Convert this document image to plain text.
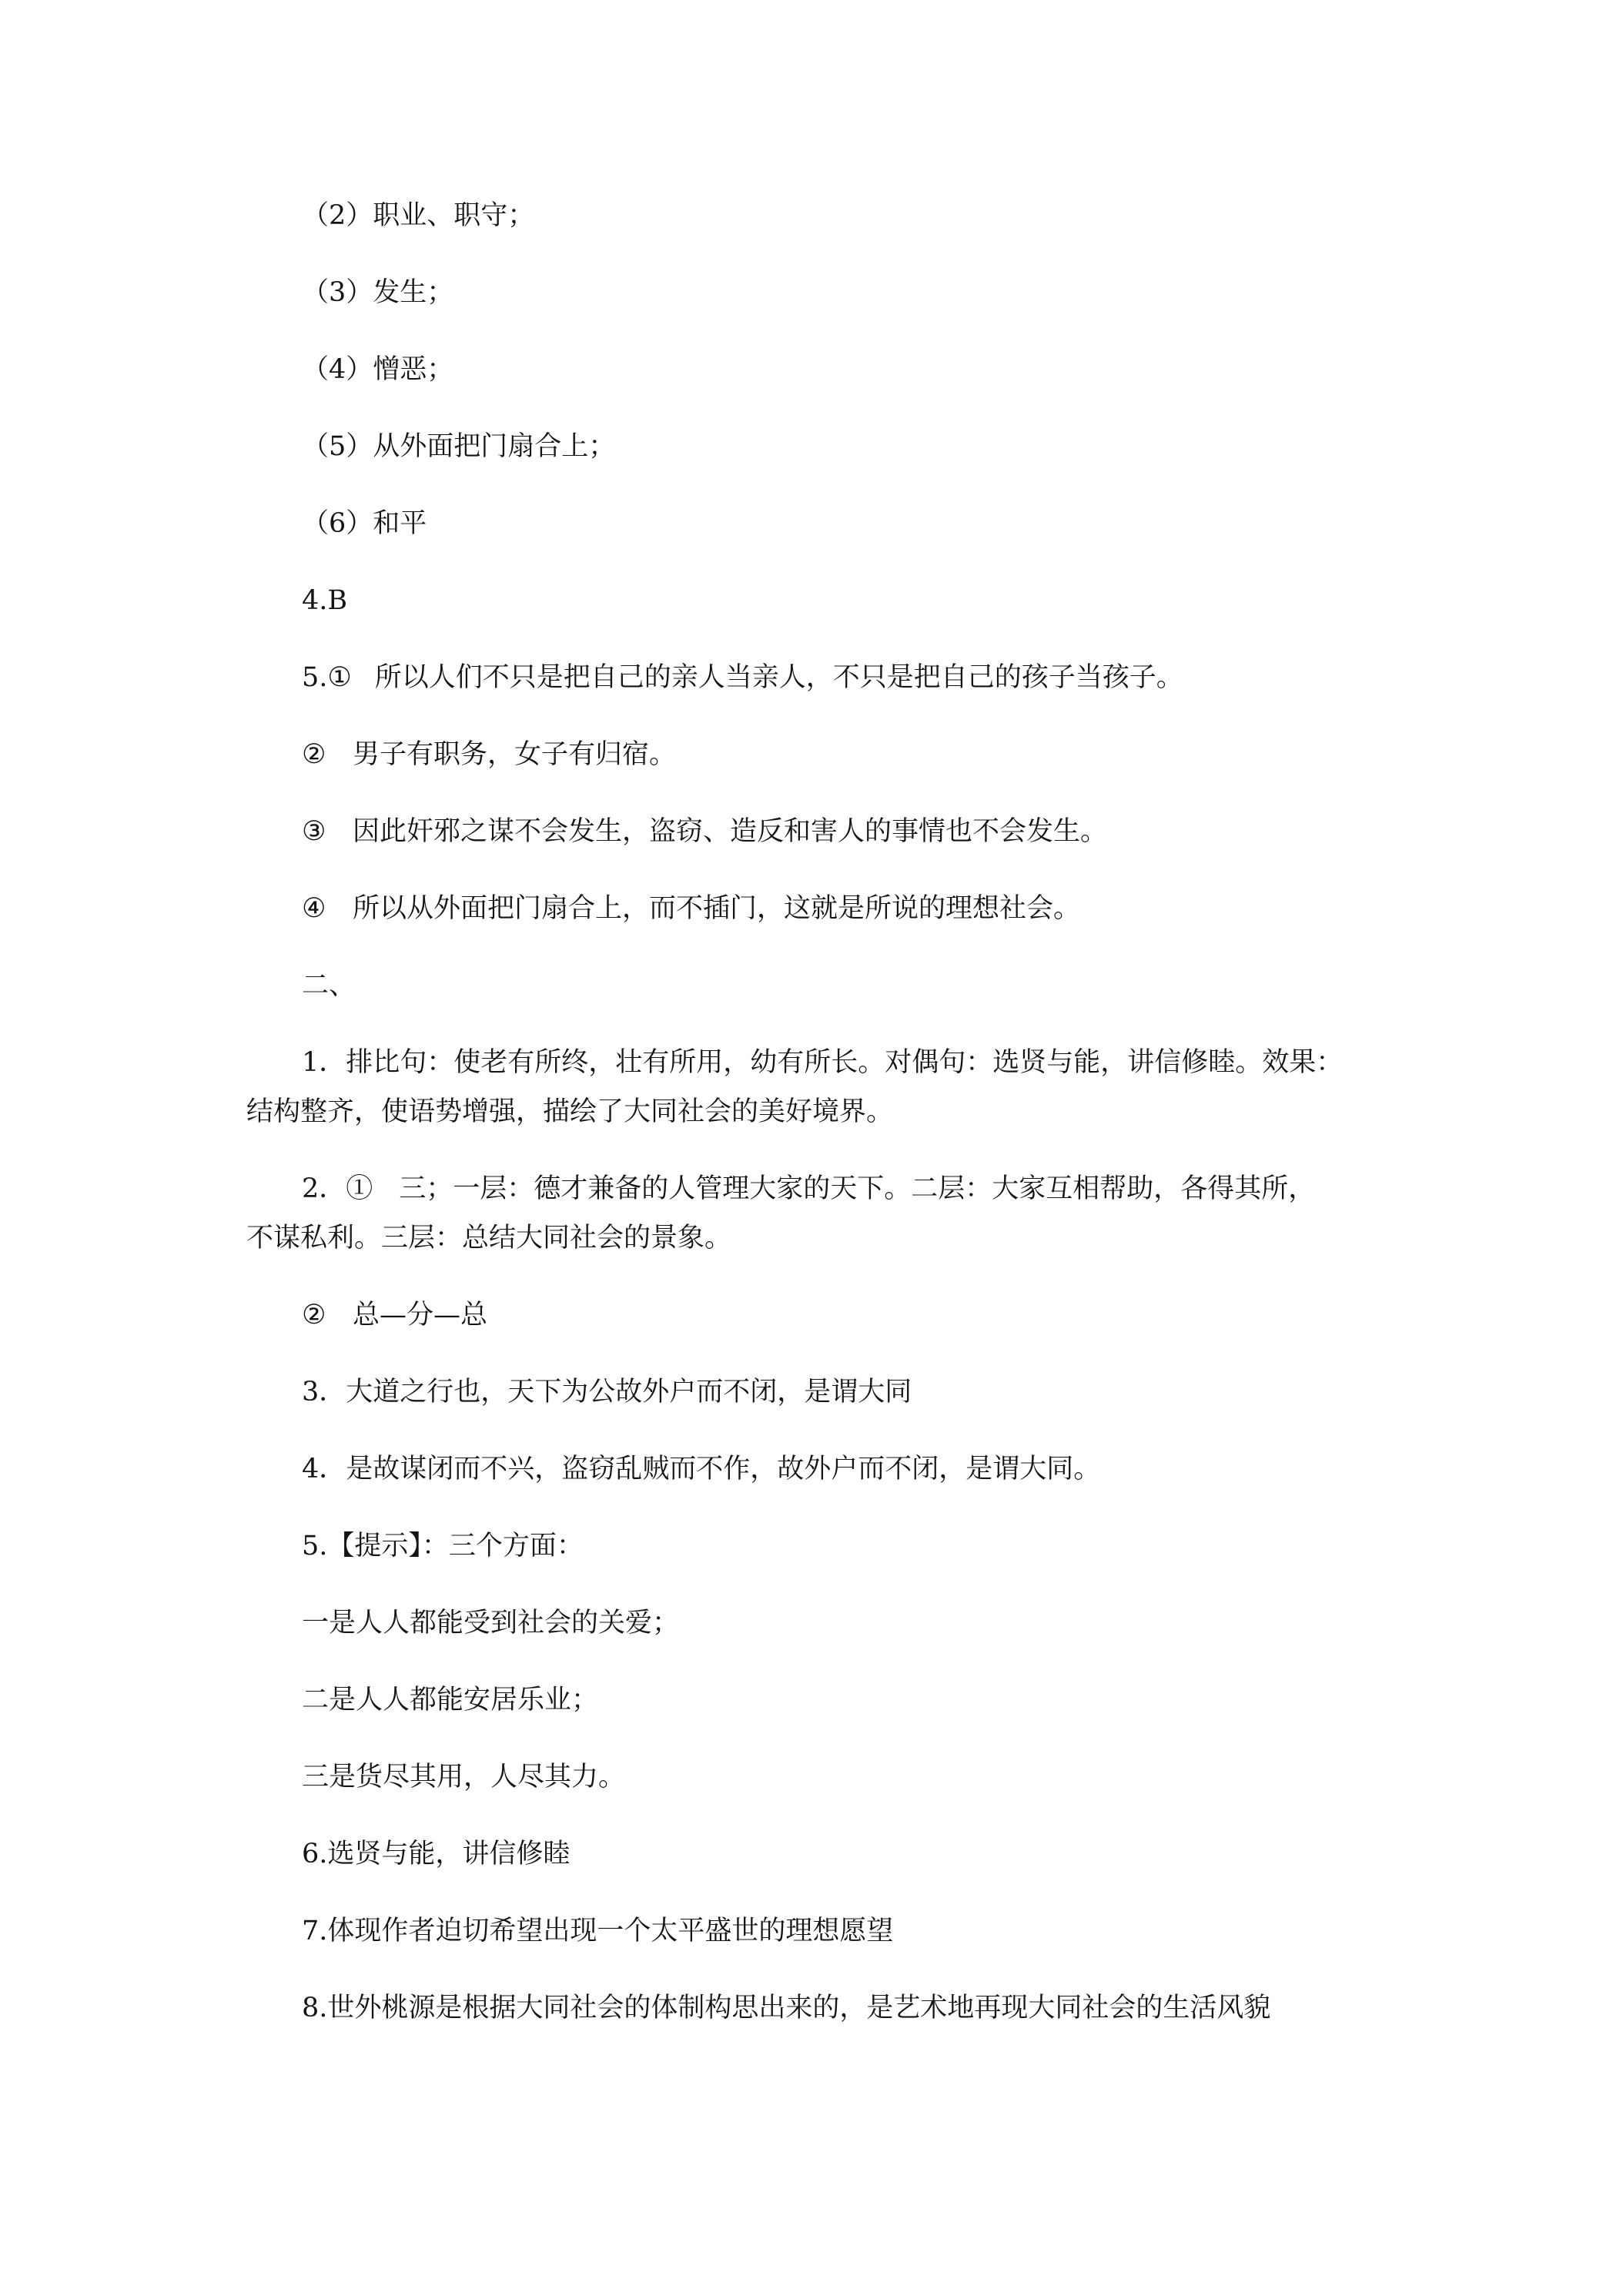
（2）职业、职守；
（3）发生；
（4）憎恶；
（5）从外面把门扇合上；
（6）和平
4.B
5.① 所以人们不只是把自己的亲人当亲人，不只是把自己的孩子当孩子。
② 男子有职务，女子有归宿。
③ 因此奸邪之谋不会发生，盗窃、造反和害人的事情也不会发生。
④ 所以从外面把门扇合上，而不插门，这就是所说的理想社会。
二、
1．排比句：使老有所终，壮有所用，幼有所长。对偶句：选贤与能，讲信修睦。效果：
结构整齐，使语势增强，描绘了大同社会的美好境界。
2．① 三；一层：德才兼备的人管理大家的天下。二层：大家互相帮助，各得其所，
不谋私利。三层：总结大同社会的景象。
② 总—分—总
3．大道之行也，天下为公故外户而不闭，是谓大同
4．是故谋闭而不兴，盗窃乱贼而不作，故外户而不闭，是谓大同。
5.【提示】：三个方面：
一是人人都能受到社会的关爱；
二是人人都能安居乐业；
三是货尽其用，人尽其力。
6.选贤与能，讲信修睦
7.体现作者迫切希望出现一个太平盛世的理想愿望
8.世外桃源是根据大同社会的体制构思出来的，是艺术地再现大同社会的生活风貌
